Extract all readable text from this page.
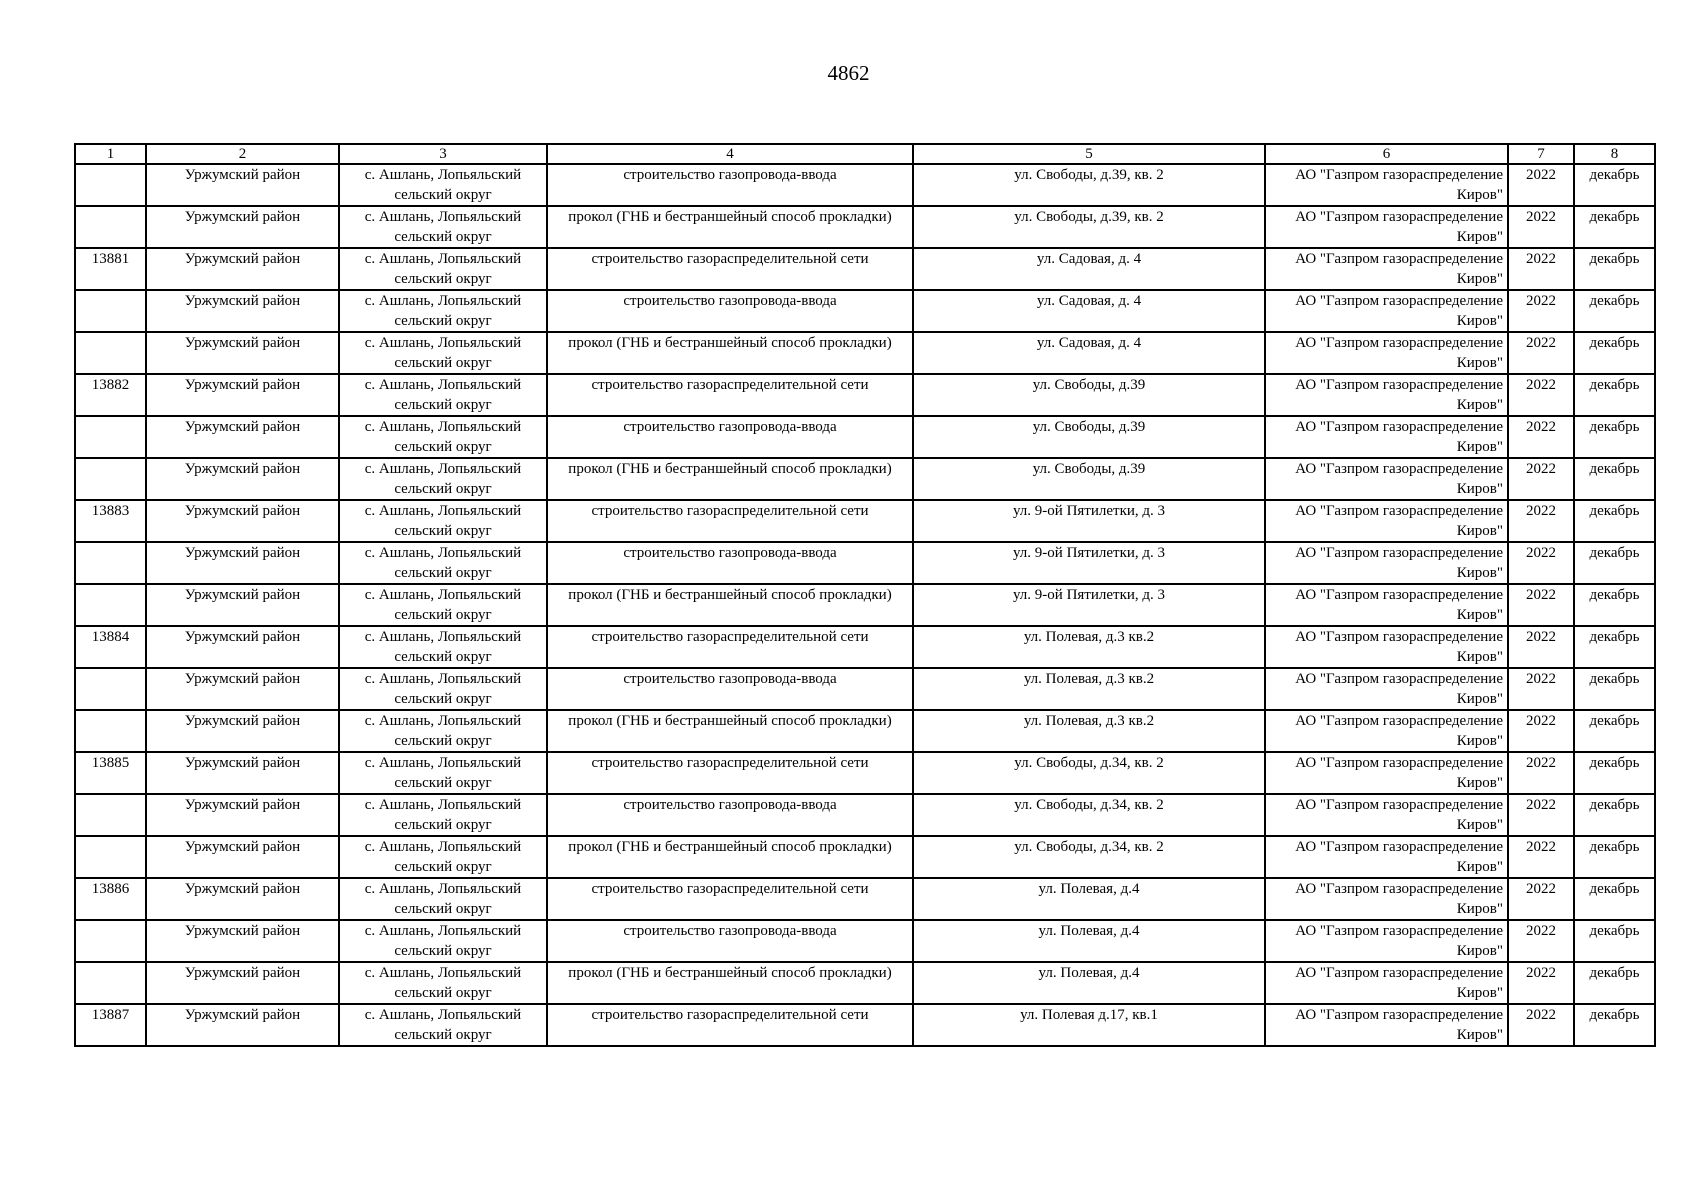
4862
1	2	3	4	5	6	7	8
	Уржумский район	с. Ашлань, Лопьяльский сельский округ	строительство газопровода-ввода	ул. Свободы, д.39, кв. 2	АО "Газпром газораспределение Киров"	2022	декабрь
	Уржумский район	с. Ашлань, Лопьяльский сельский округ	прокол (ГНБ и бестраншейный способ прокладки)	ул. Свободы, д.39, кв. 2	АО "Газпром газораспределение Киров"	2022	декабрь
13881	Уржумский район	с. Ашлань, Лопьяльский сельский округ	строительство газораспределительной сети	ул. Садовая, д. 4	АО "Газпром газораспределение Киров"	2022	декабрь
	Уржумский район	с. Ашлань, Лопьяльский сельский округ	строительство газопровода-ввода	ул. Садовая, д. 4	АО "Газпром газораспределение Киров"	2022	декабрь
	Уржумский район	с. Ашлань, Лопьяльский сельский округ	прокол (ГНБ и бестраншейный способ прокладки)	ул. Садовая, д. 4	АО "Газпром газораспределение Киров"	2022	декабрь
13882	Уржумский район	с. Ашлань, Лопьяльский сельский округ	строительство газораспределительной сети	ул. Свободы, д.39	АО "Газпром газораспределение Киров"	2022	декабрь
	Уржумский район	с. Ашлань, Лопьяльский сельский округ	строительство газопровода-ввода	ул. Свободы, д.39	АО "Газпром газораспределение Киров"	2022	декабрь
	Уржумский район	с. Ашлань, Лопьяльский сельский округ	прокол (ГНБ и бестраншейный способ прокладки)	ул. Свободы, д.39	АО "Газпром газораспределение Киров"	2022	декабрь
13883	Уржумский район	с. Ашлань, Лопьяльский сельский округ	строительство газораспределительной сети	ул. 9-ой Пятилетки, д. 3	АО "Газпром газораспределение Киров"	2022	декабрь
	Уржумский район	с. Ашлань, Лопьяльский сельский округ	строительство газопровода-ввода	ул. 9-ой Пятилетки, д. 3	АО "Газпром газораспределение Киров"	2022	декабрь
	Уржумский район	с. Ашлань, Лопьяльский сельский округ	прокол (ГНБ и бестраншейный способ прокладки)	ул. 9-ой Пятилетки, д. 3	АО "Газпром газораспределение Киров"	2022	декабрь
13884	Уржумский район	с. Ашлань, Лопьяльский сельский округ	строительство газораспределительной сети	ул. Полевая, д.3 кв.2	АО "Газпром газораспределение Киров"	2022	декабрь
	Уржумский район	с. Ашлань, Лопьяльский сельский округ	строительство газопровода-ввода	ул. Полевая, д.3 кв.2	АО "Газпром газораспределение Киров"	2022	декабрь
	Уржумский район	с. Ашлань, Лопьяльский сельский округ	прокол (ГНБ и бестраншейный способ прокладки)	ул. Полевая, д.3 кв.2	АО "Газпром газораспределение Киров"	2022	декабрь
13885	Уржумский район	с. Ашлань, Лопьяльский сельский округ	строительство газораспределительной сети	ул. Свободы, д.34, кв. 2	АО "Газпром газораспределение Киров"	2022	декабрь
	Уржумский район	с. Ашлань, Лопьяльский сельский округ	строительство газопровода-ввода	ул. Свободы, д.34, кв. 2	АО "Газпром газораспределение Киров"	2022	декабрь
	Уржумский район	с. Ашлань, Лопьяльский сельский округ	прокол (ГНБ и бестраншейный способ прокладки)	ул. Свободы, д.34, кв. 2	АО "Газпром газораспределение Киров"	2022	декабрь
13886	Уржумский район	с. Ашлань, Лопьяльский сельский округ	строительство газораспределительной сети	ул. Полевая, д.4	АО "Газпром газораспределение Киров"	2022	декабрь
	Уржумский район	с. Ашлань, Лопьяльский сельский округ	строительство газопровода-ввода	ул. Полевая, д.4	АО "Газпром газораспределение Киров"	2022	декабрь
	Уржумский район	с. Ашлань, Лопьяльский сельский округ	прокол (ГНБ и бестраншейный способ прокладки)	ул. Полевая, д.4	АО "Газпром газораспределение Киров"	2022	декабрь
13887	Уржумский район	с. Ашлань, Лопьяльский сельский округ	строительство газораспределительной сети	ул. Полевая д.17, кв.1	АО "Газпром газораспределение Киров"	2022	декабрь
